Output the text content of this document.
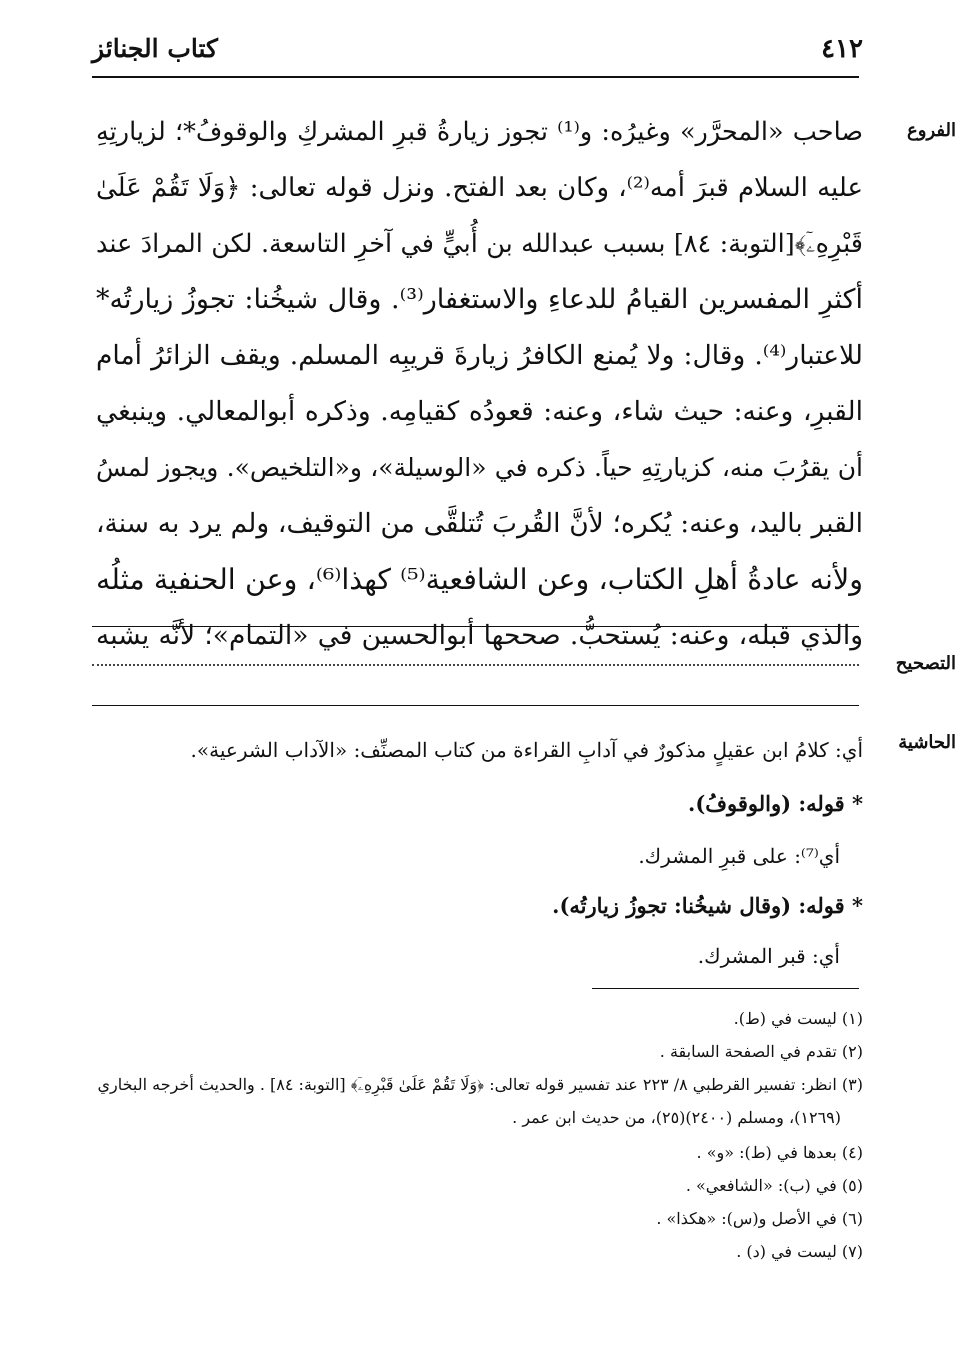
كتاب الجنائز	٤١٢
الفروع
التصحيح
الحاشية
صاحب «المحرَّر» وغيرُه: و⁽¹⁾ تجوز زيارةُ قبرِ المشركِ والوقوفُ*؛ لزيارتِهِ
عليه السلام قبرَ أمه⁽²⁾، وكان بعد الفتح. ونزل قوله تعالى: ﴿وَلَا تَقُمْ عَلَىٰ
قَبْرِهِۦٓ﴾[التوبة: ٨٤] بسبب عبدالله بن أُبيٍّ في آخرِ التاسعة. لكن المرادَ عند
أكثرِ المفسرين القيامُ للدعاءِ والاستغفار⁽³⁾. وقال شيخُنا: تجوزُ زيارتُه*
للاعتبار⁽⁴⁾. وقال: ولا يُمنع الكافرُ زيارةَ قريبِه المسلم. ويقف الزائرُ أمام
القبرِ، وعنه: حيث شاء، وعنه: قعودُه كقيامِه. وذكره أبوالمعالي. وينبغي
أن يقرُبَ منه، كزيارتِهِ حياً. ذكره في «الوسيلة»، و«التلخيص». ويجوز لمسُ
القبر باليد، وعنه: يُكره؛ لأنَّ القُربَ تُتلقَّى من التوقيف، ولم يرد به سنة،
ولأنه عادةُ أهلِ الكتاب، وعن الشافعية⁽⁵⁾ كهذا⁽⁶⁾، وعن الحنفية مثلُه
والذي قبله، وعنه: يُستحبُّ. صححها أبوالحسين في «التمام»؛ لأنَّه يشبه
أي: كلامُ ابن عقيلٍ مذكورٌ في آدابِ القراءة من كتاب المصنِّف: «الآداب الشرعية».
* قوله: (والوقوفُ).
أي⁽⁷⁾: على قبرِ المشرك.
* قوله: (وقال شيخُنا: تجوزُ زيارتُه).
أي: قبر المشرك.
(١) ليست في (ط).
(٢) تقدم في الصفحة السابقة .
(٣) انظر: تفسير القرطبي ٨/ ٢٢٣ عند تفسير قوله تعالى: ﴿وَلَا تَقُمْ عَلَىٰ قَبْرِهِۦٓ﴾ [التوبة: ٨٤] . والحديث أخرجه البخاري
(١٢٦٩)، ومسلم (٢٤٠٠)(٢٥)، من حديث ابن عمر .
(٤) بعدها في (ط): «و» .
(٥) في (ب): «الشافعي» .
(٦) في الأصل و(س): «هكذا» .
(٧) ليست في (د) .
